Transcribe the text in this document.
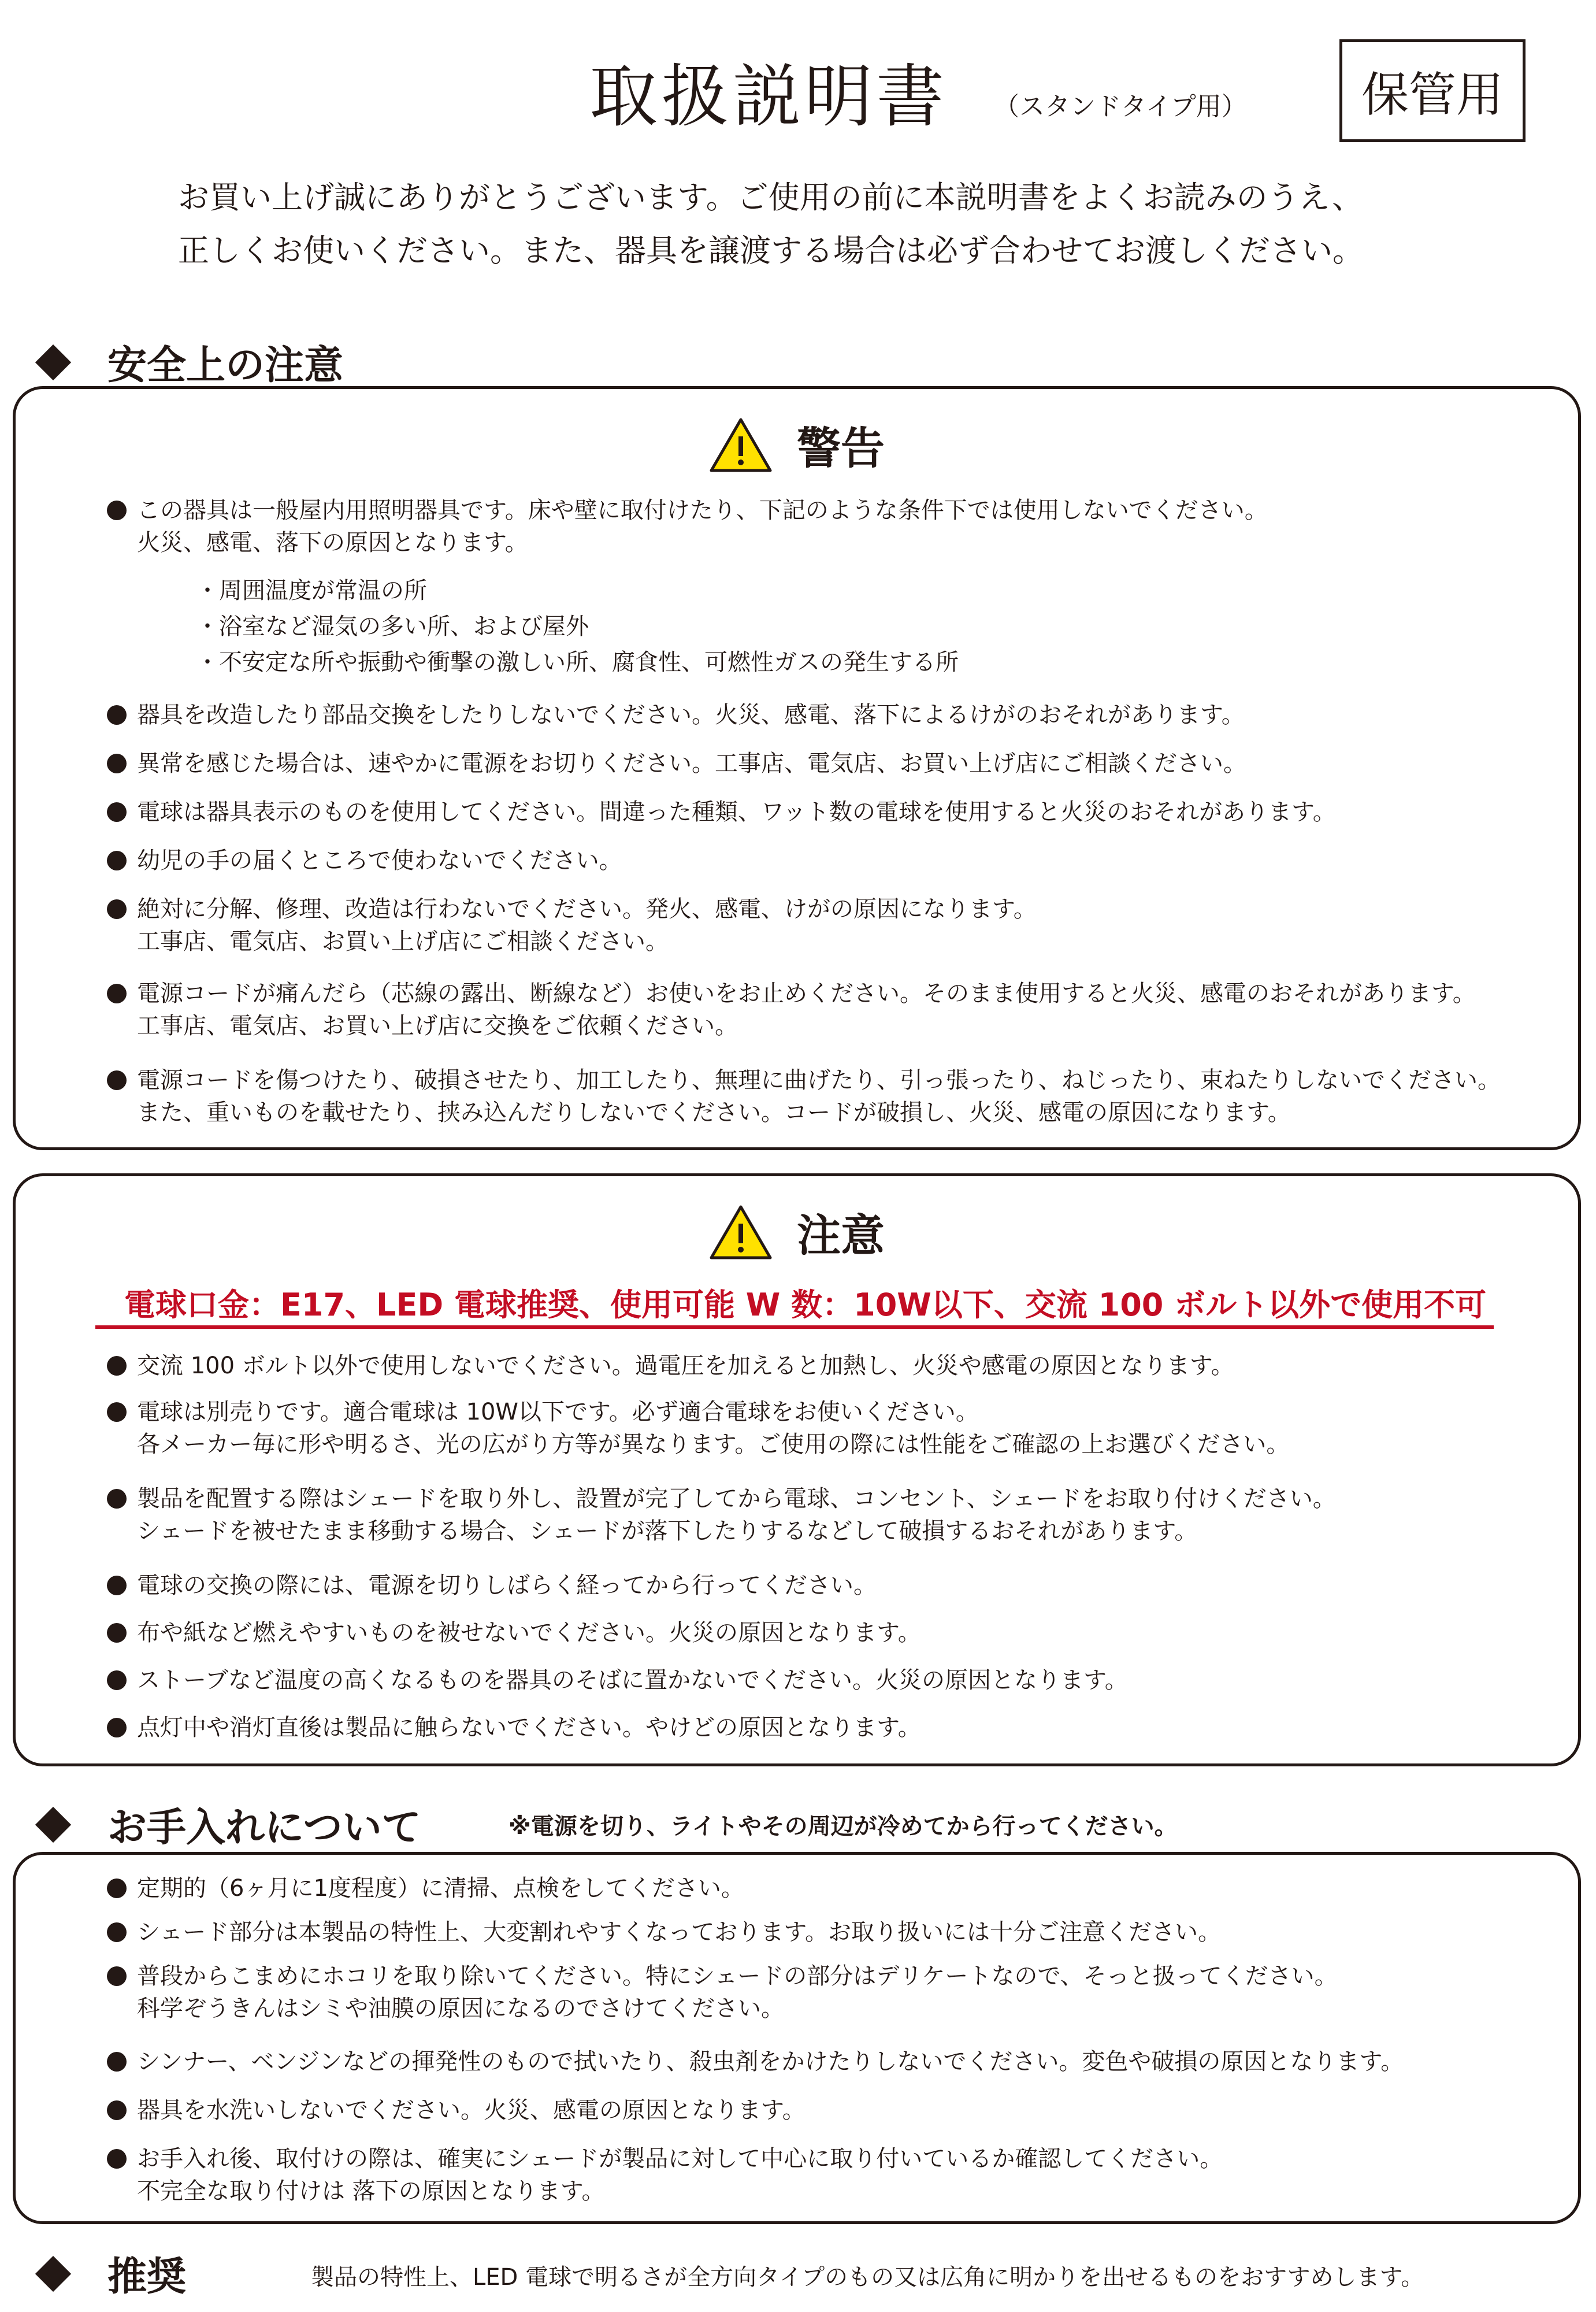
取扱説明書 （スタンドタイプ用） 保管用
お買い上げ誠にありがとうございます。ご使用の前に本説明書をよくお読みのうえ、
正しくお使いください。また、器具を譲渡する場合は必ず合わせてお渡しください。
安全上の注意
警告
この器具は一般屋内用照明器具です。床や壁に取付けたり、下記のような条件下では使用しないでください。
火災、感電、落下の原因となります。
・周囲温度が常温の所
・浴室など湿気の多い所、および屋外
・不安定な所や振動や衝撃の激しい所、腐食性、可燃性ガスの発生する所
器具を改造したり部品交換をしたりしないでください。火災、感電、落下によるけがのおそれがあります。
異常を感じた場合は、速やかに電源をお切りください。工事店、電気店、お買い上げ店にご相談ください。
電球は器具表示のものを使用してください。間違った種類、ワット数の電球を使用すると火災のおそれがあります。
幼児の手の届くところで使わないでください。
絶対に分解、修理、改造は行わないでください。発火、感電、けがの原因になります。
工事店、電気店、お買い上げ店にご相談ください。
電源コードが痛んだら（芯線の露出、断線など）お使いをお止めください。そのまま使用すると火災、感電のおそれがあります。
工事店、電気店、お買い上げ店に交換をご依頼ください。
電源コードを傷つけたり、破損させたり、加工したり、無理に曲げたり、引っ張ったり、ねじったり、束ねたりしないでください。
また、重いものを載せたり、挟み込んだりしないでください。コードが破損し、火災、感電の原因になります。
注意
電球口金：E17、LED 電球推奨、使用可能 W 数：10W以下、交流 100 ボルト以外で使用不可
交流 100 ボルト以外で使用しないでください。過電圧を加えると加熱し、火災や感電の原因となります。
電球は別売りです。適合電球は 10W以下です。必ず適合電球をお使いください。
各メーカー毎に形や明るさ、光の広がり方等が異なります。ご使用の際には性能をご確認の上お選びください。
製品を配置する際はシェードを取り外し、設置が完了してから電球、コンセント、シェードをお取り付けください。
シェードを被せたまま移動する場合、シェードが落下したりするなどして破損するおそれがあります。
電球の交換の際には、電源を切りしばらく経ってから行ってください。
布や紙など燃えやすいものを被せないでください。火災の原因となります。
ストーブなど温度の高くなるものを器具のそばに置かないでください。火災の原因となります。
点灯中や消灯直後は製品に触らないでください。やけどの原因となります。
お手入れについて	※電源を切り、ライトやその周辺が冷めてから行ってください。
定期的（6ヶ月に1度程度）に清掃、点検をしてください。
シェード部分は本製品の特性上、大変割れやすくなっております。お取り扱いには十分ご注意ください。
普段からこまめにホコリを取り除いてください。特にシェードの部分はデリケートなので、そっと扱ってください。
科学ぞうきんはシミや油膜の原因になるのでさけてください。
シンナー、ベンジンなどの揮発性のもので拭いたり、殺虫剤をかけたりしないでください。変色や破損の原因となります。
器具を水洗いしないでください。火災、感電の原因となります。
お手入れ後、取付けの際は、確実にシェードが製品に対して中心に取り付いているか確認してください。
不完全な取り付けは 落下の原因となります。
推奨	製品の特性上、LED 電球で明るさが全方向タイプのもの又は広角に明かりを出せるものをおすすめします。
